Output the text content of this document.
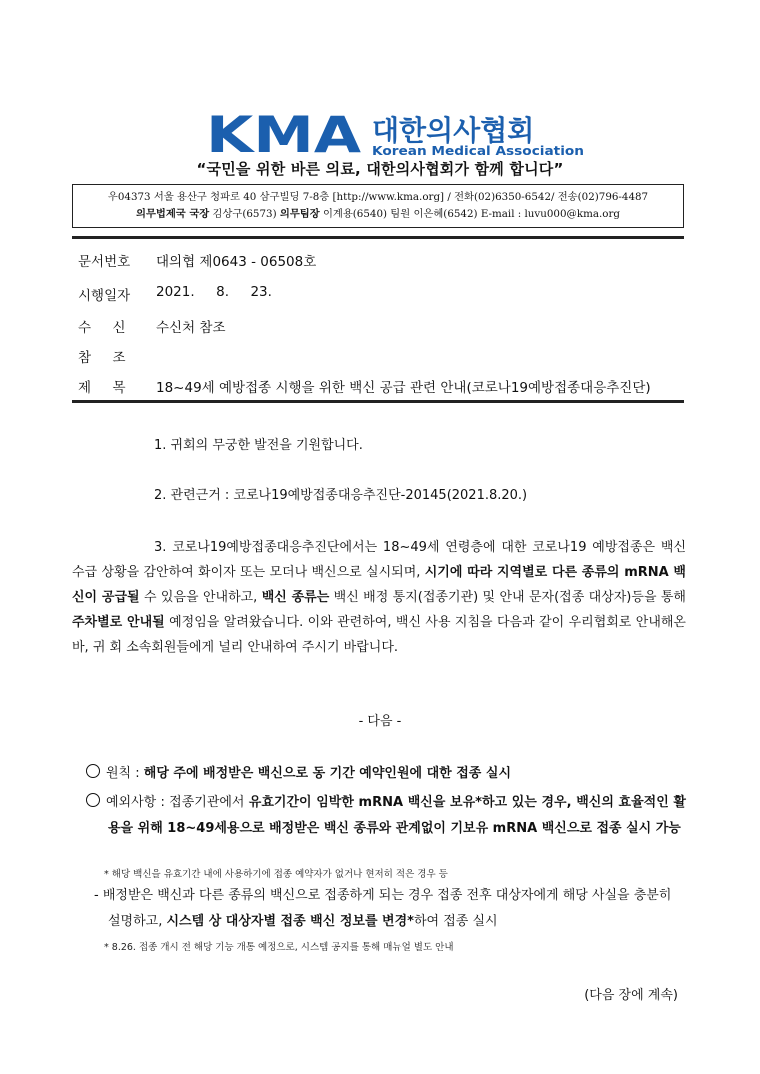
KMA 대한의사협회
Korean Medical Association
“국민을 위한 바른 의료, 대한의사협회가 함께 합니다”
우04373 서울 용산구 청파로 40 삼구빌딩 7-8층 [http://www.kma.org] / 전화(02)6350-6542/ 전송(02)796-4487
의무법제국 국장 김상구(6573) 의무팀장 이계용(6540) 팀원 이은혜(6542) E-mail : luvu000@kma.org
문서번호 대의협 제0643 - 06508호
시행일자 2021.     8.     23.
수     신 수신처 참조
참     조
제     목 18~49세 예방접종 시행을 위한 백신 공급 관련 안내(코로나19예방접종대응추진단)
1. 귀회의 무궁한 발전을 기원합니다.
2. 관련근거 : 코로나19예방접종대응추진단-20145(2021.8.20.)
3. 코로나19예방접종대응추진단에서는 18~49세 연령층에 대한 코로나19 예방접종은 백신 수급 상황을 감안하여 화이자 또는 모더나 백신으로 실시되며, 시기에 따라 지역별로 다른 종류의 mRNA 백신이 공급될 수 있음을 안내하고, 백신 종류는 백신 배정 통지(접종기관) 및 안내 문자(접종 대상자)등을 통해 주차별로 안내될 예정임을 알려왔습니다. 이와 관련하여, 백신 사용 지침을 다음과 같이 우리협회로 안내해온 바, 귀 회 소속회원들에게 널리 안내하여 주시기 바랍니다.
- 다음 -
원칙 : 해당 주에 배정받은 백신으로 동 기간 예약인원에 대한 접종 실시
예외사항 : 접종기관에서 유효기간이 임박한 mRNA 백신을 보유*하고 있는 경우, 백신의 효율적인 활용을 위해 18~49세용으로 배정받은 백신 종류와 관계없이 기보유 mRNA 백신으로 접종 실시 가능
* 해당 백신을 유효기간 내에 사용하기에 접종 예약자가 없거나 현저히 적은 경우 등
- 배정받은 백신과 다른 종류의 백신으로 접종하게 되는 경우 접종 전후 대상자에게 해당 사실을 충분히 설명하고, 시스템 상 대상자별 접종 백신 정보를 변경*하여 접종 실시
* 8.26. 접종 개시 전 해당 기능 개통 예정으로, 시스템 공지를 통해 매뉴얼 별도 안내
(다음 장에 계속)
